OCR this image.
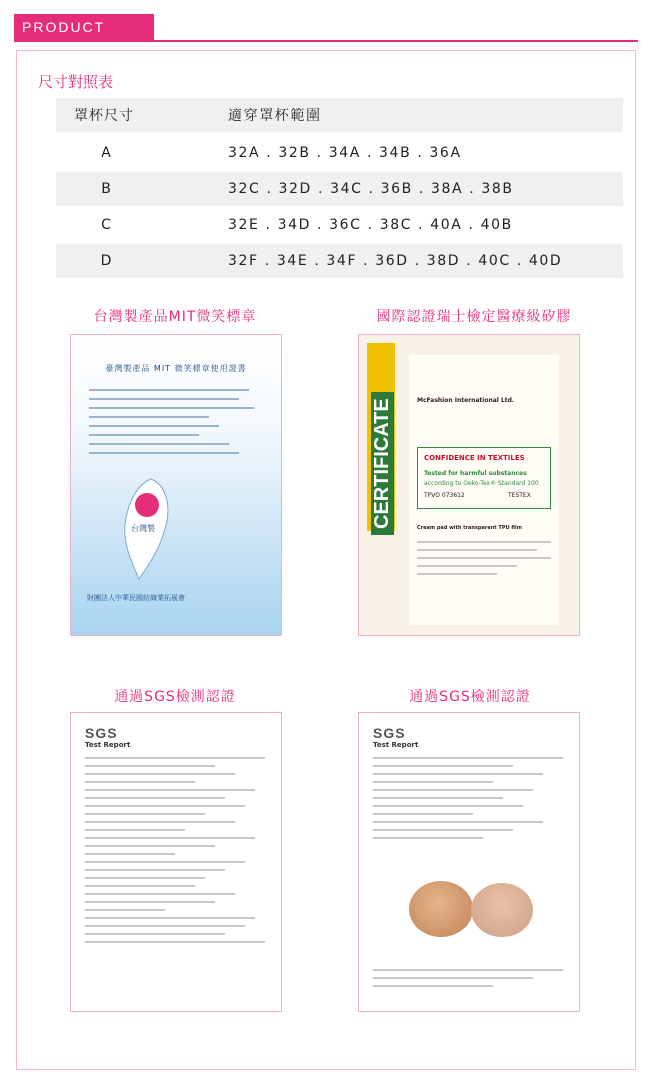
PRODUCT INFO.
尺寸對照表
罩杯尺寸	適穿罩杯範圍
A	32A . 32B . 34A . 34B . 36A
B	32C . 32D . 34C . 36B . 38A . 38B
C	32E . 34D . 36C . 38C . 40A . 40B
D	32F . 34E . 34F . 36D . 38D . 40C . 40D
台灣製產品MIT微笑標章	國際認證瑞士檢定醫療級矽膠
通過SGS檢測認證	通過SGS檢測認證
臺灣製產品 MIT 微笑標章使用證書
台灣製
財團法人中華民國紡織業拓展會
McFashion International Ltd.
CONFIDENCE IN TEXTILES
Tested for harmful substances
according to Oeko-Tex® Standard 100
TPVO 073612	TESTEX
Cream pad with transparent TPU film
CERTIFICATE
SGS
Test Report
SGS
Test Report
